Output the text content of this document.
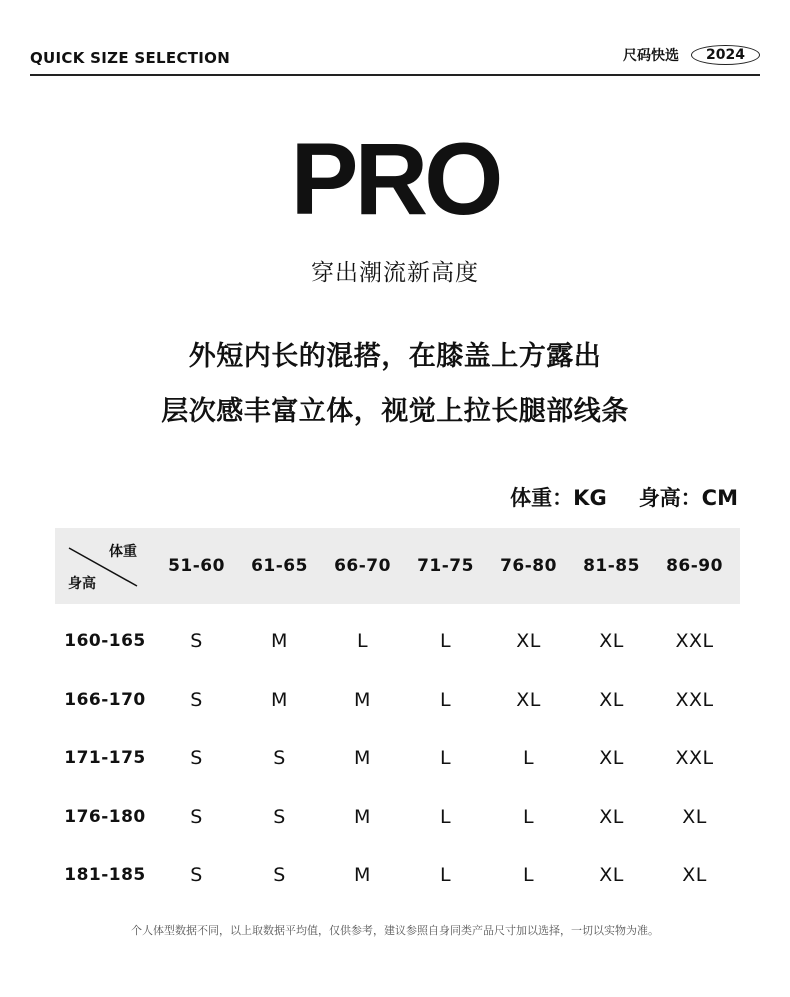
QUICK SIZE SELECTION	尺码快选	2024
PRO
穿出潮流新高度
外短内长的混搭，在膝盖上方露出
层次感丰富立体，视觉上拉长腿部线条
体重：KG 身高：CM
体重
身高
51-60	61-65	66-70	71-75	76-80	81-85	86-90
160-165	S	M	L	L	XL	XL	XXL
166-170	S	M	M	L	XL	XL	XXL
171-175	S	S	M	L	L	XL	XXL
176-180	S	S	M	L	L	XL	XL
181-185	S	S	M	L	L	XL	XL
个人体型数据不同，以上取数据平均值，仅供参考，建议参照自身同类产品尺寸加以选择，一切以实物为准。
